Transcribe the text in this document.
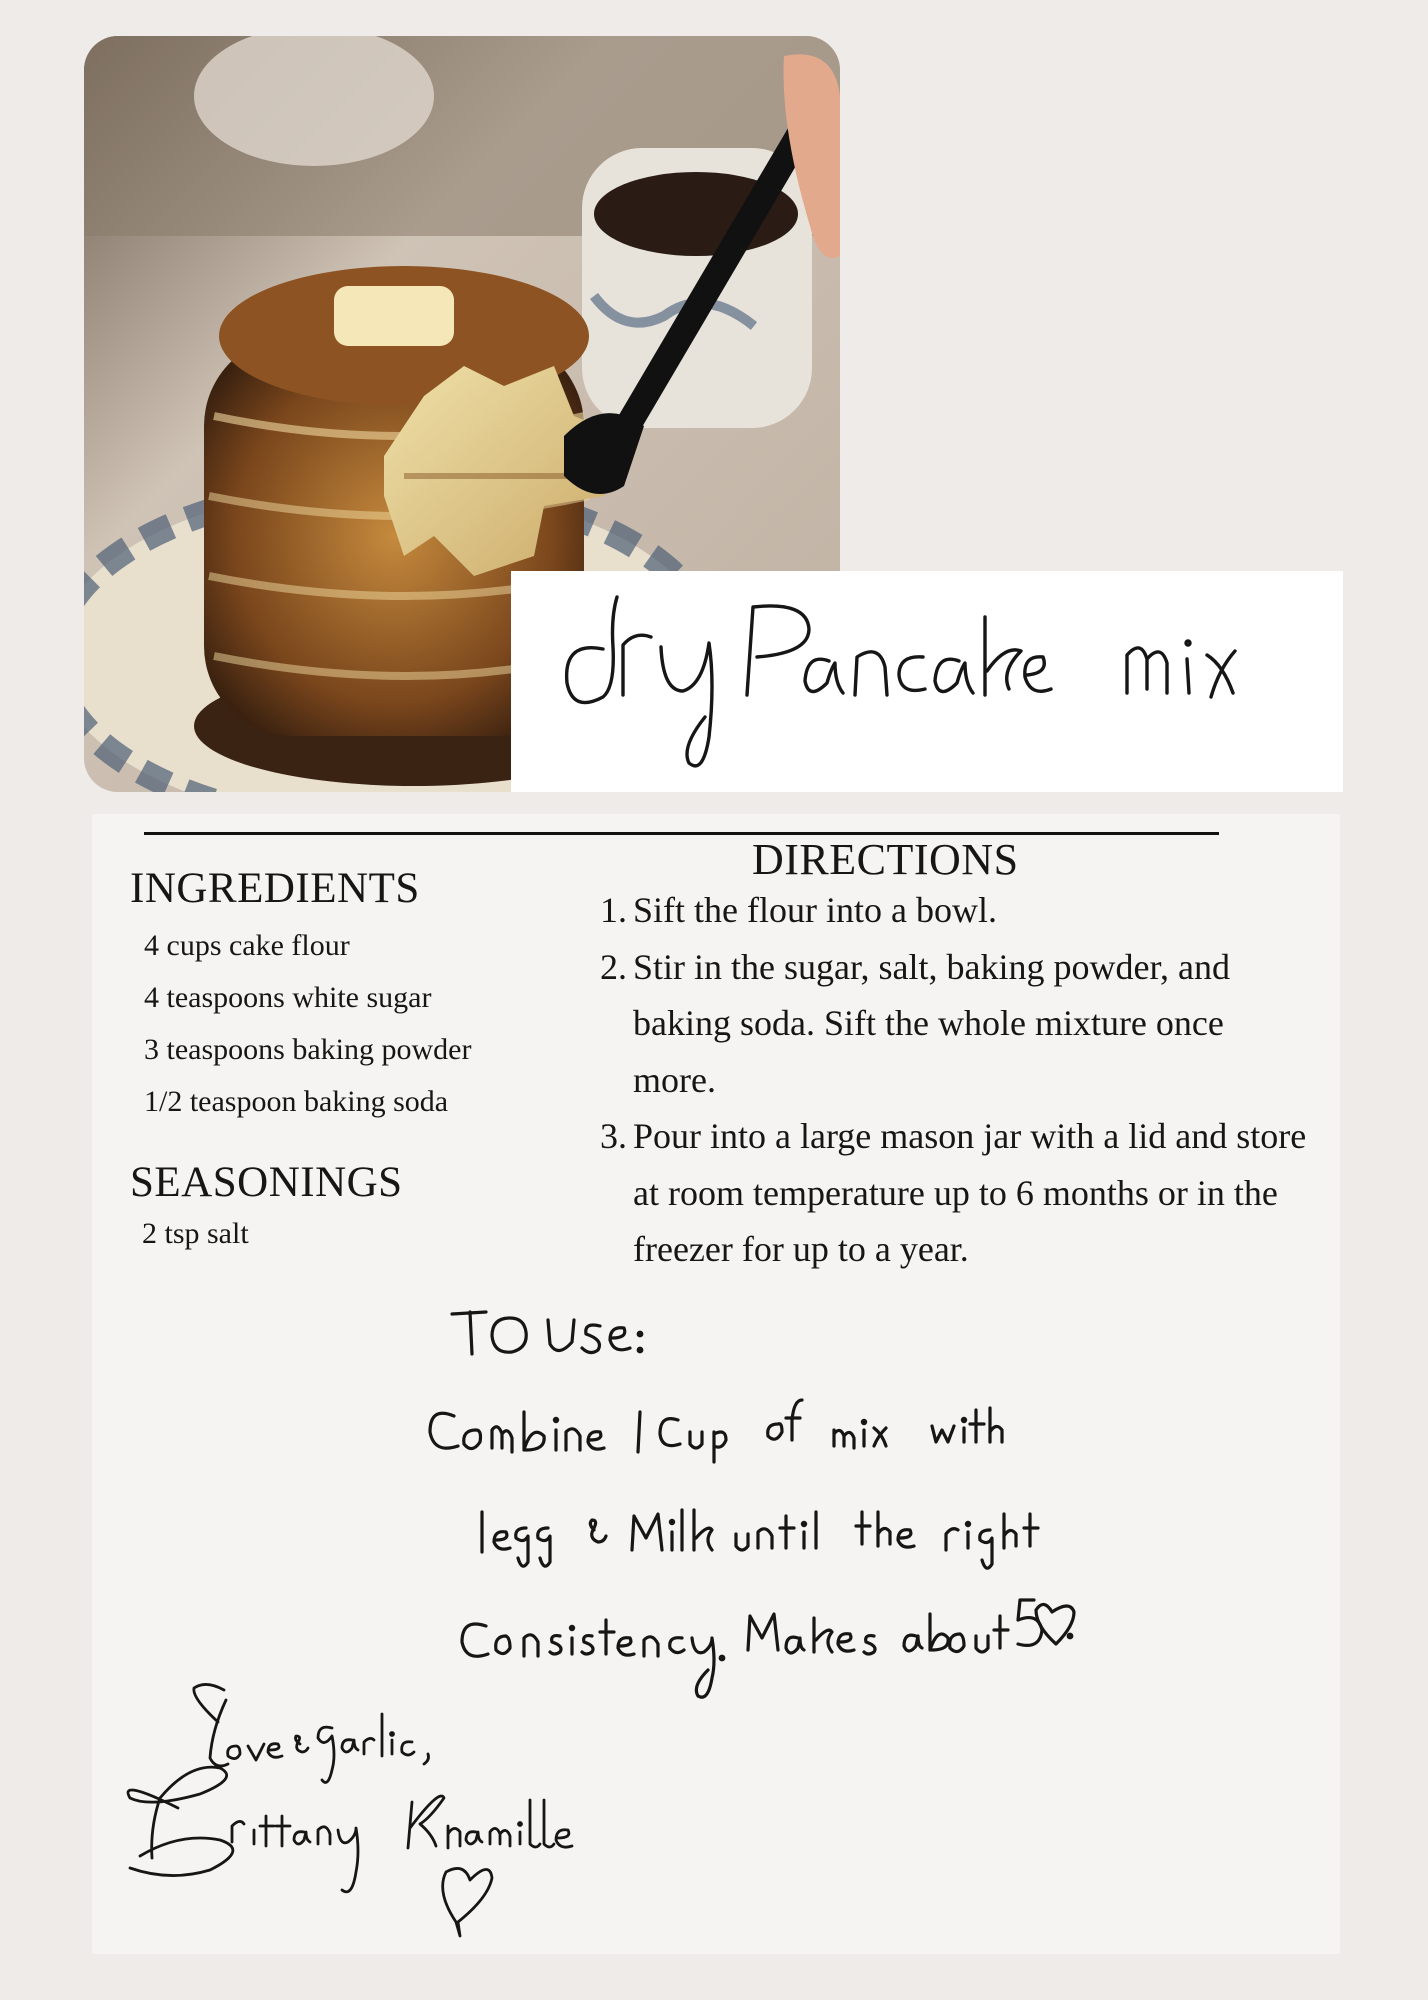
INGREDIENTS
4 cups cake flour
4 teaspoons white sugar
3 teaspoons baking powder
1/2 teaspoon baking soda
SEASONINGS
2 tsp salt
DIRECTIONS
1. Sift the flour into a bowl.
2. Stir in the sugar, salt, baking powder, and baking soda. Sift the whole mixture once more.
3. Pour into a large mason jar with a lid and store at room temperature up to 6 months or in the freezer for up to a year.
